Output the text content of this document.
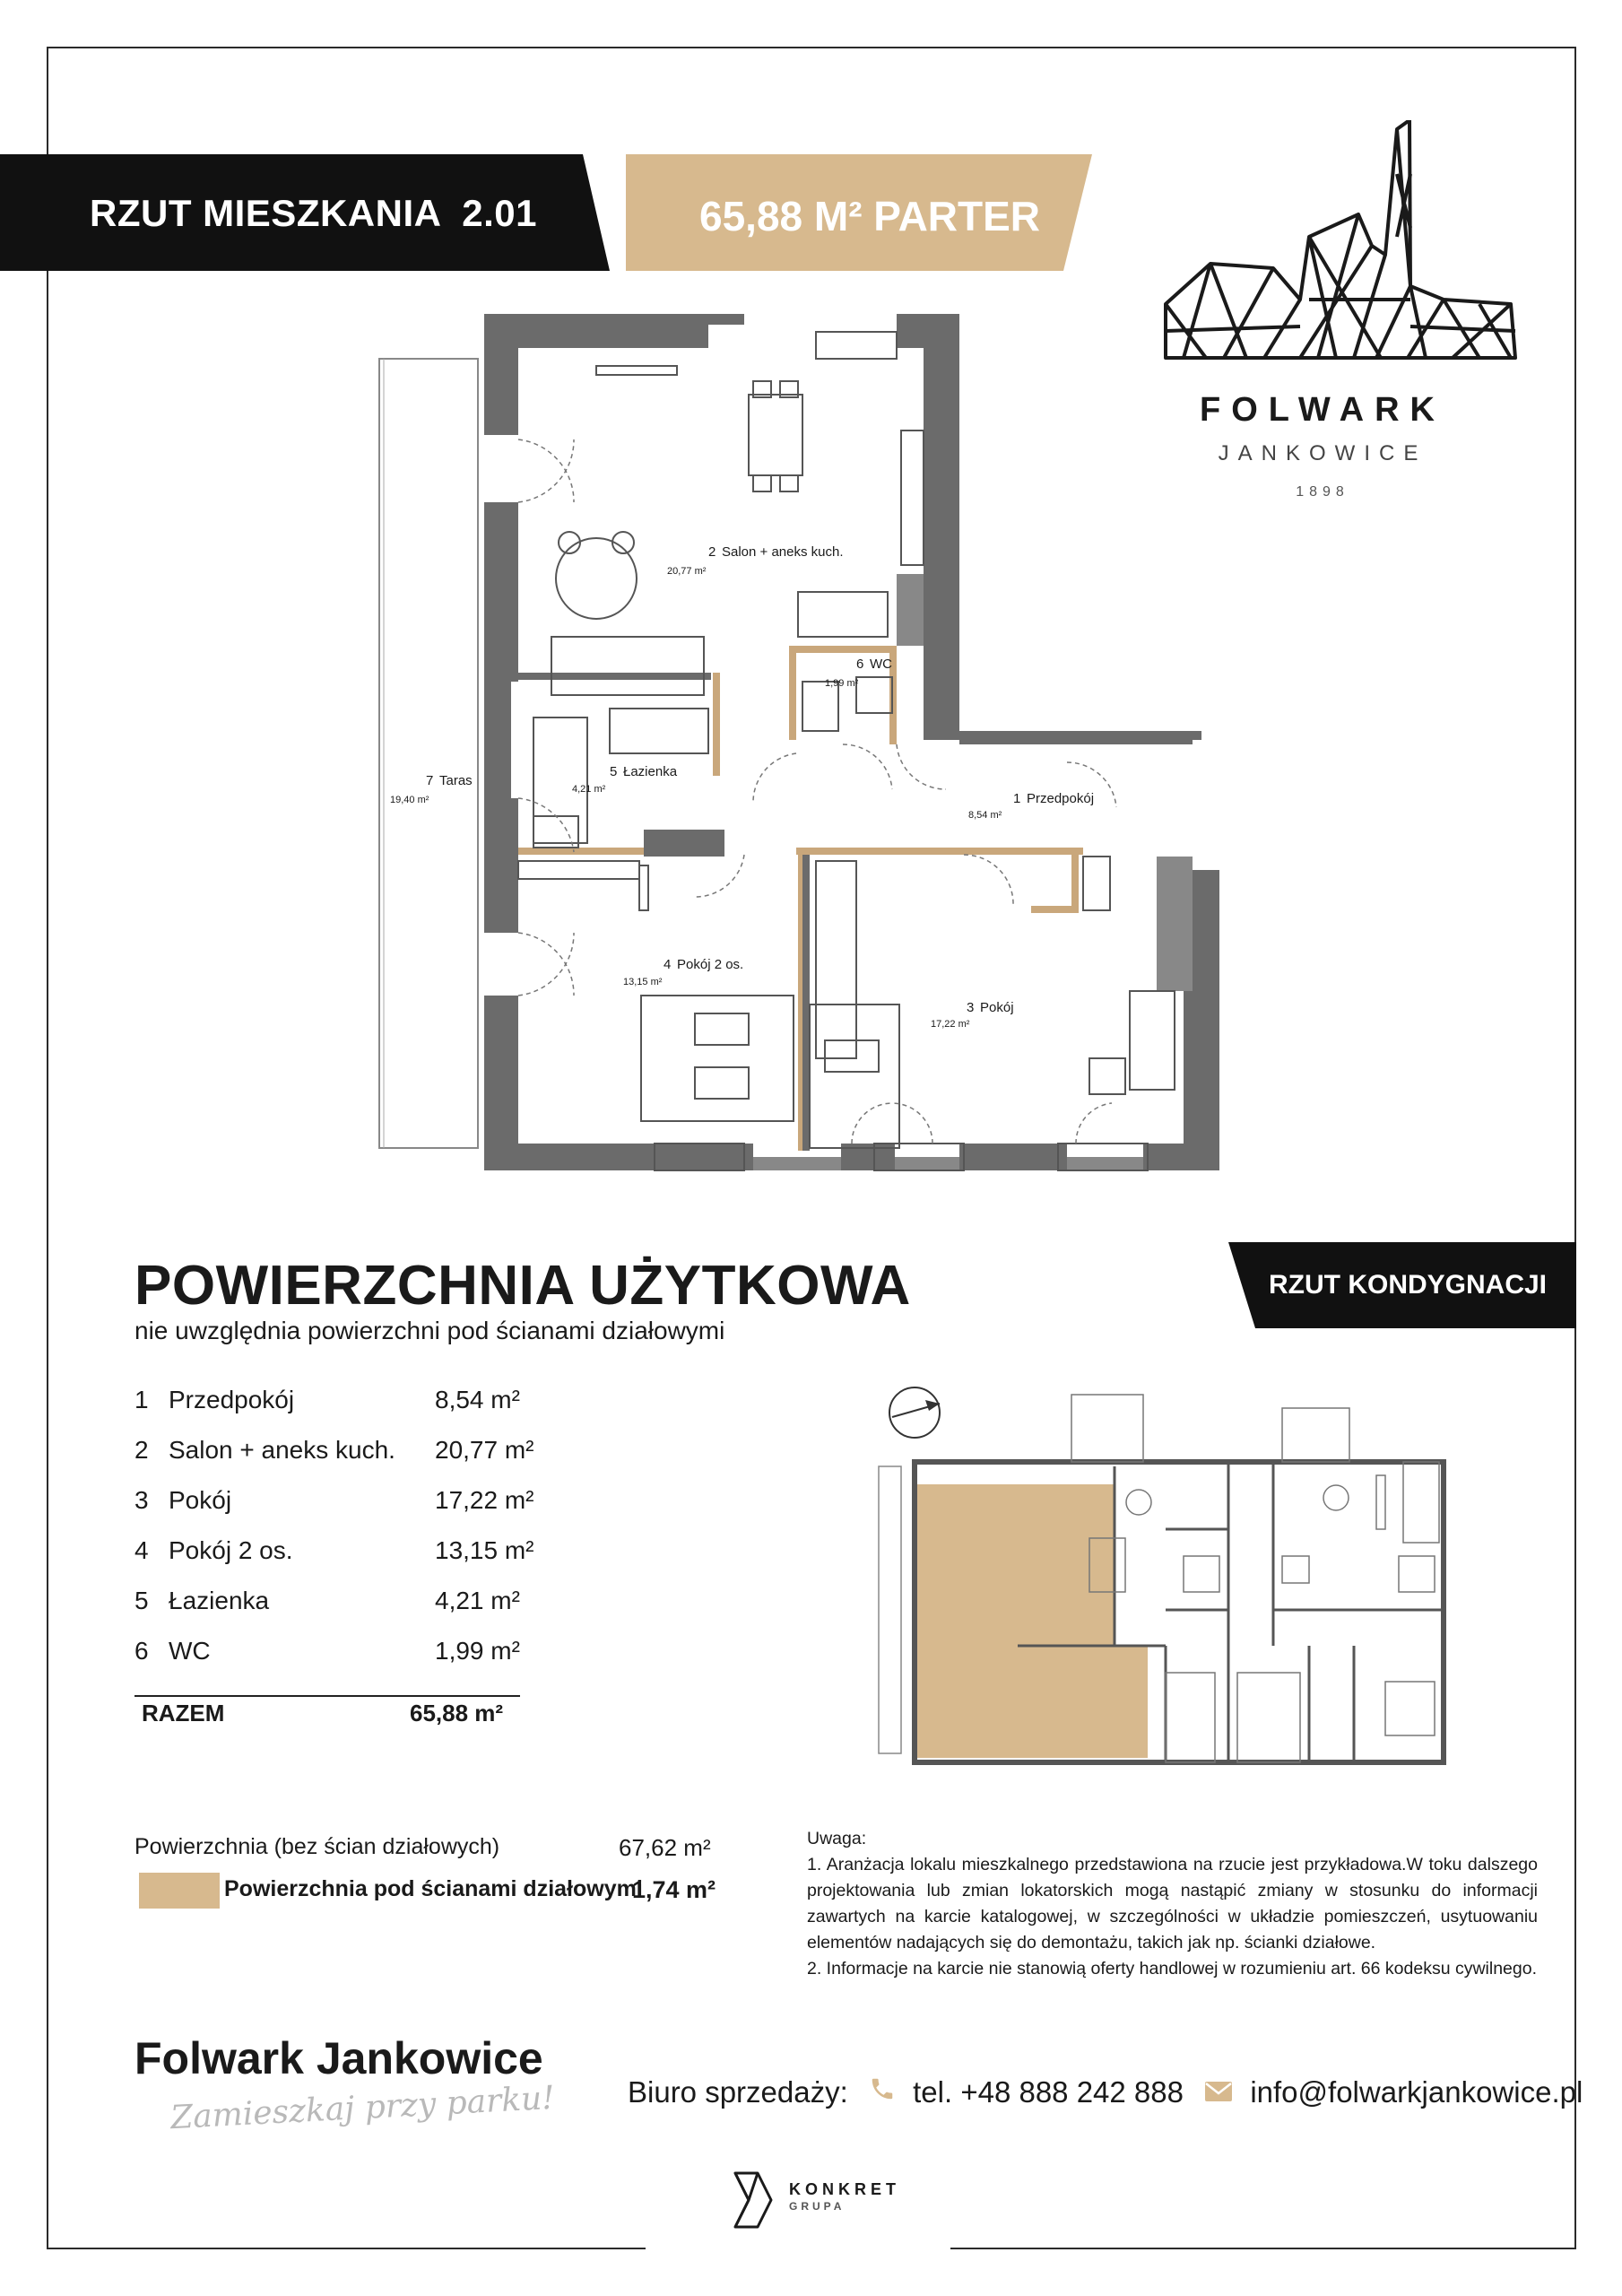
RZUT MIESZKANIA  2.01	65,88 M² PARTER
FOLWARK
JANKOWICE
1898
2 Salon + aneks kuch.
20,77 m²
6 WC
1,99 m²
7 Taras
19,40 m²
5 Łazienka
4,21 m²
1 Przedpokój
8,54 m²
4 Pokój 2 os.
13,15 m²
3 Pokój
17,22 m²
POWIERZCHNIA UŻYTKOWA
nie uwzględnia powierzchni pod ścianami działowymi
RZUT KONDYGNACJI
1 Przedpokój	8,54 m²
2 Salon + aneks kuch. 20,77 m²
3 Pokój	17,22 m²
4 Pokój 2 os.	13,15 m²
5 Łazienka	4,21 m²
6 WC	1,99 m²
RAZEM	65,88 m²
Powierzchnia (bez ścian działowych)	67,62 m²
Powierzchnia pod ścianami działowymi
1,74 m²

Uwaga:

1. Aranżacja lokalu mieszkalnego przedstawiona na rzucie jest przykładowa.W toku dalszego projektowania lub zmian lokatorskich mogą nastąpić zmiany w stosunku do informacji zawartych na karcie katalogowej, w szczególności w układzie pomieszczeń, usytuowaniu elementów nadających się do demontażu, takich jak np. ścianki działowe.

2. Informacje na karcie nie stanowią oferty handlowej w rozumieniu art. 66 kodeksu cywilnego.

Folwark Jankowice
Zamieszkaj przy parku! Biuro sprzedaży: tel. +48 888 242 888 info@folwarkjankowice.pl
KONKRET
GRUPA
